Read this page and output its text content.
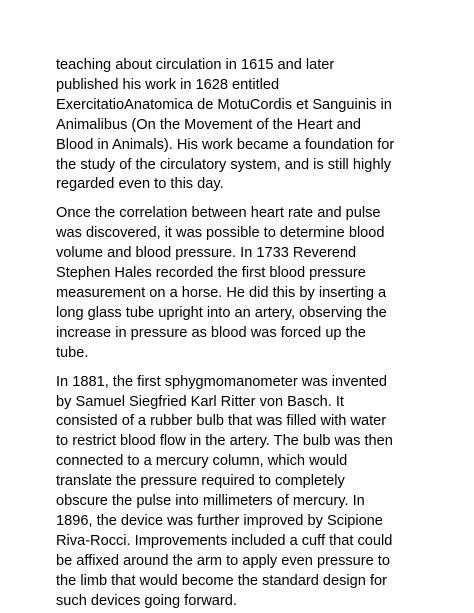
teaching about circulation in 1615 and later
published his work in 1628 entitled
ExercitatioAnatomica de MotuCordis et Sanguinis in
Animalibus (On the Movement of the Heart and
Blood in Animals). His work became a foundation for
the study of the circulatory system, and is still highly
regarded even to this day.

Once the correlation between heart rate and pulse
was discovered, it was possible to determine blood
volume and blood pressure. In 1733 Reverend
Stephen Hales recorded the first blood pressure
measurement on a horse. He did this by inserting a
long glass tube upright into an artery, observing the
increase in pressure as blood was forced up the
tube.

In 1881, the first sphygmomanometer was invented
by Samuel Siegfried Karl Ritter von Basch. It
consisted of a rubber bulb that was filled with water
to restrict blood flow in the artery. The bulb was then
connected to a mercury column, which would
translate the pressure required to completely
obscure the pulse into millimeters of mercury. In
1896, the device was further improved by Scipione
Riva-Rocci. Improvements included a cuff that could
be affixed around the arm to apply even pressure to
the limb that would become the standard design for
such devices going forward.
